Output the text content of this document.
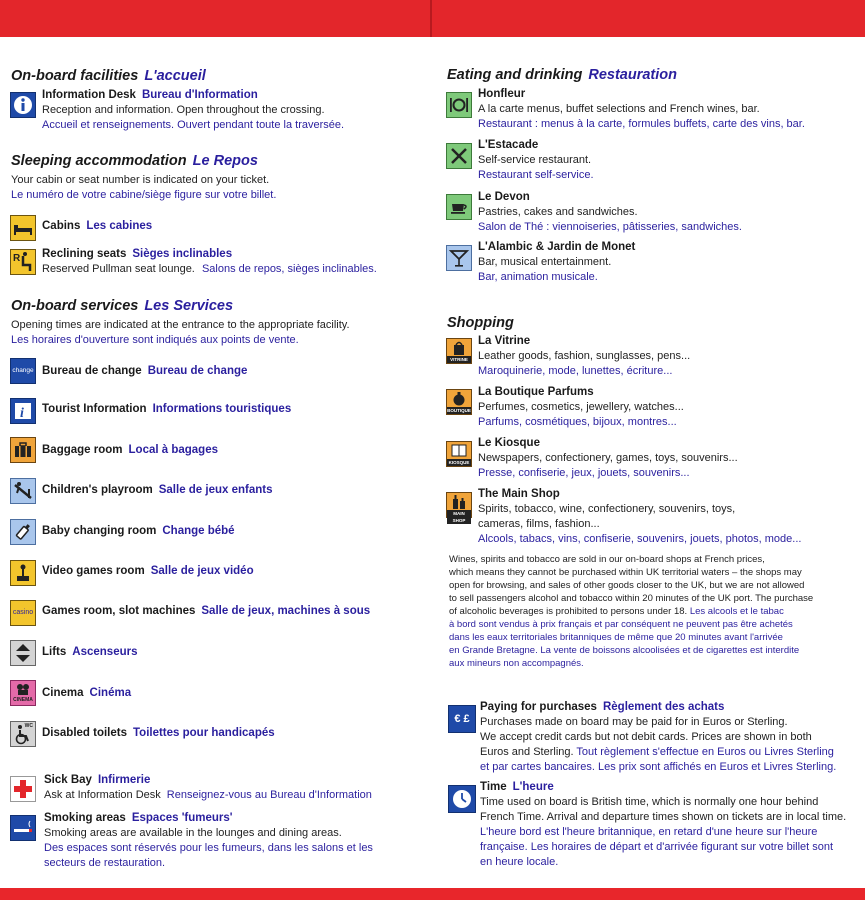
On-board facilities L'accueil
Information Desk Bureau d'Information
Reception and information. Open throughout the crossing.
Accueil et renseignements. Ouvert pendant toute la traversée.
Sleeping accommodation Le Repos
Your cabin or seat number is indicated on your ticket.
Le numéro de votre cabine/siège figure sur votre billet.
Cabins Les cabines
R Reclining seats Sièges inclinables
Reserved Pullman seat lounge. Salons de repos, sièges inclinables.
On-board services Les Services
Opening times are indicated at the entrance to the appropriate facility.
Les horaires d'ouverture sont indiqués aux points de vente.
change Bureau de change Bureau de change
i Tourist Information Informations touristiques
Baggage room Local à bagages
Children's playroom Salle de jeux enfants
Baby changing room Change bébé
Video games room Salle de jeux vidéo
casino Games room, slot machines Salle de jeux, machines à sous
Lifts Ascenseurs
CINEMA
Cinema Cinéma
WC
Disabled toilets Toilettes pour handicapés
Sick Bay Infirmerie
Ask at Information Desk Renseignez-vous au Bureau d'Information
Smoking areas Espaces 'fumeurs'
Smoking areas are available in the lounges and dining areas.
Des espaces sont réservés pour les fumeurs, dans les salons et les
secteurs de restauration.
Eating and drinking Restauration
Honfleur
A la carte menus, buffet selections and French wines, bar.
Restaurant : menus à la carte, formules buffets, carte des vins, bar.
L'Estacade
Self-service restaurant.
Restaurant self-service.
Le Devon
Pastries, cakes and sandwiches.
Salon de Thé : viennoiseries, pâtisseries, sandwiches.
L'Alambic & Jardin de Monet
Bar, musical entertainment.
Bar, animation musicale.
Shopping
VITRINE
La Vitrine
Leather goods, fashion, sunglasses, pens...
Maroquinerie, mode, lunettes, écriture...
BOUTIQUE
La Boutique Parfums
Perfumes, cosmetics, jewellery, watches...
Parfums, cosmétiques, bijoux, montres...
KIOSQUE
Le Kiosque
Newspapers, confectionery, games, toys, souvenirs...
Presse, confiserie, jeux, jouets, souvenirs...
MAIN SHOP
The Main Shop
Spirits, tobacco, wine, confectionery, souvenirs, toys,
cameras, films, fashion...
Alcools, tabacs, vins, confiserie, souvenirs, jouets, photos, mode...
Wines, spirits and tobacco are sold in our on-board shops at French prices,
which means they cannot be purchased within UK territorial waters – the shops may
open for browsing, and sales of other goods closer to the UK, but we are not allowed
to sell passengers alcohol and tobacco within 20 minutes of the UK port. The purchase
of alcoholic beverages is prohibited to persons under 18. Les alcools et le tabac
à bord sont vendus à prix français et par conséquent ne peuvent pas être achetés
dans les eaux territoriales britanniques de même que 20 minutes avant l'arrivée
en Grande Bretagne. La vente de boissons alcoolisées et de cigarettes est interdite
aux mineurs non accompagnés.
€ £
Paying for purchases Règlement des achats
Purchases made on board may be paid for in Euros or Sterling.
We accept credit cards but not debit cards. Prices are shown in both
Euros and Sterling. Tout règlement s'effectue en Euros ou Livres Sterling
et par cartes bancaires. Les prix sont affichés en Euros et Livres Sterling.
Time L'heure
Time used on board is British time, which is normally one hour behind
French Time. Arrival and departure times shown on tickets are in local time.
L'heure bord est l'heure britannique, en retard d'une heure sur l'heure
française. Les horaires de départ et d'arrivée figurant sur votre billet sont
en heure locale.
